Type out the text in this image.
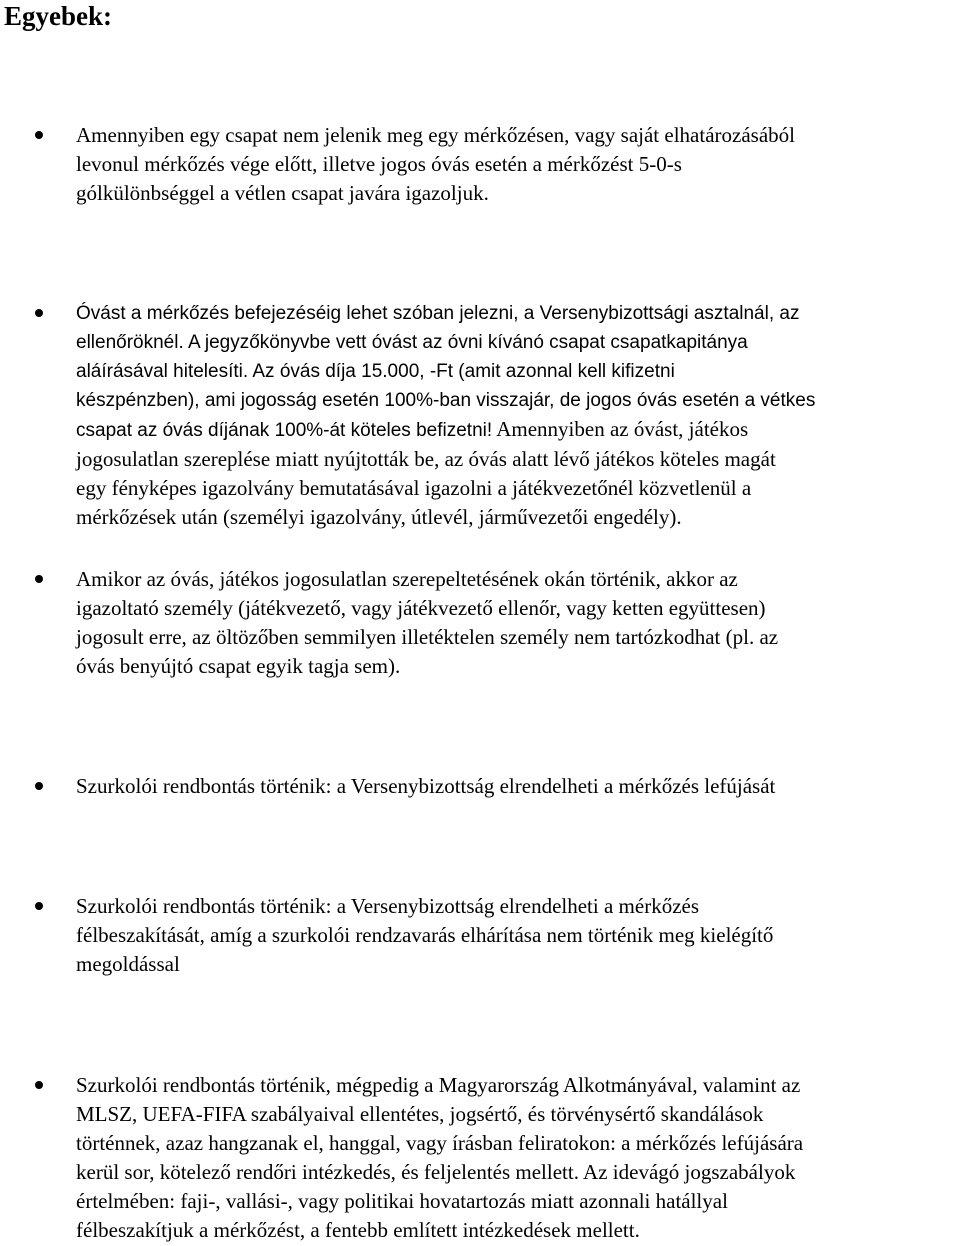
Egyebek:
Amennyiben egy csapat nem jelenik meg egy mérkőzésen, vagy saját elhatározásából
levonul mérkőzés vége előtt, illetve jogos óvás esetén a mérkőzést 5-0-s
gólkülönbséggel a vétlen csapat javára igazoljuk.
Óvást a mérkőzés befejezéséig lehet szóban jelezni, a Versenybizottsági asztalnál, az
ellenőröknél. A jegyzőkönyvbe vett óvást az óvni kívánó csapat csapatkapitánya
aláírásával hitelesíti. Az óvás díja 15.000, -Ft (amit azonnal kell kifizetni
készpénzben), ami jogosság esetén 100%-ban visszajár, de jogos óvás esetén a vétkes
csapat az óvás díjának 100%-át köteles befizetni! Amennyiben az óvást, játékos
jogosulatlan szereplése miatt nyújtották be, az óvás alatt lévő játékos köteles magát
egy fényképes igazolvány bemutatásával igazolni a játékvezetőnél közvetlenül a
mérkőzések után (személyi igazolvány, útlevél, járművezetői engedély).
Amikor az óvás, játékos jogosulatlan szerepeltetésének okán történik, akkor az
igazoltató személy (játékvezető, vagy játékvezető ellenőr, vagy ketten együttesen)
jogosult erre, az öltözőben semmilyen illetéktelen személy nem tartózkodhat (pl. az
óvás benyújtó csapat egyik tagja sem).
Szurkolói rendbontás történik: a Versenybizottság elrendelheti a mérkőzés lefújását
Szurkolói rendbontás történik: a Versenybizottság elrendelheti a mérkőzés
félbeszakítását, amíg a szurkolói rendzavarás elhárítása nem történik meg kielégítő
megoldással
Szurkolói rendbontás történik, mégpedig a Magyarország Alkotmányával, valamint az
MLSZ, UEFA-FIFA szabályaival ellentétes, jogsértő, és törvénysértő skandálások
történnek, azaz hangzanak el, hanggal, vagy írásban feliratokon: a mérkőzés lefújására
kerül sor, kötelező rendőri intézkedés, és feljelentés mellett. Az idevágó jogszabályok
értelmében: faji-, vallási-, vagy politikai hovatartozás miatt azonnali hatállyal
félbeszakítjuk a mérkőzést, a fentebb említett intézkedések mellett.
